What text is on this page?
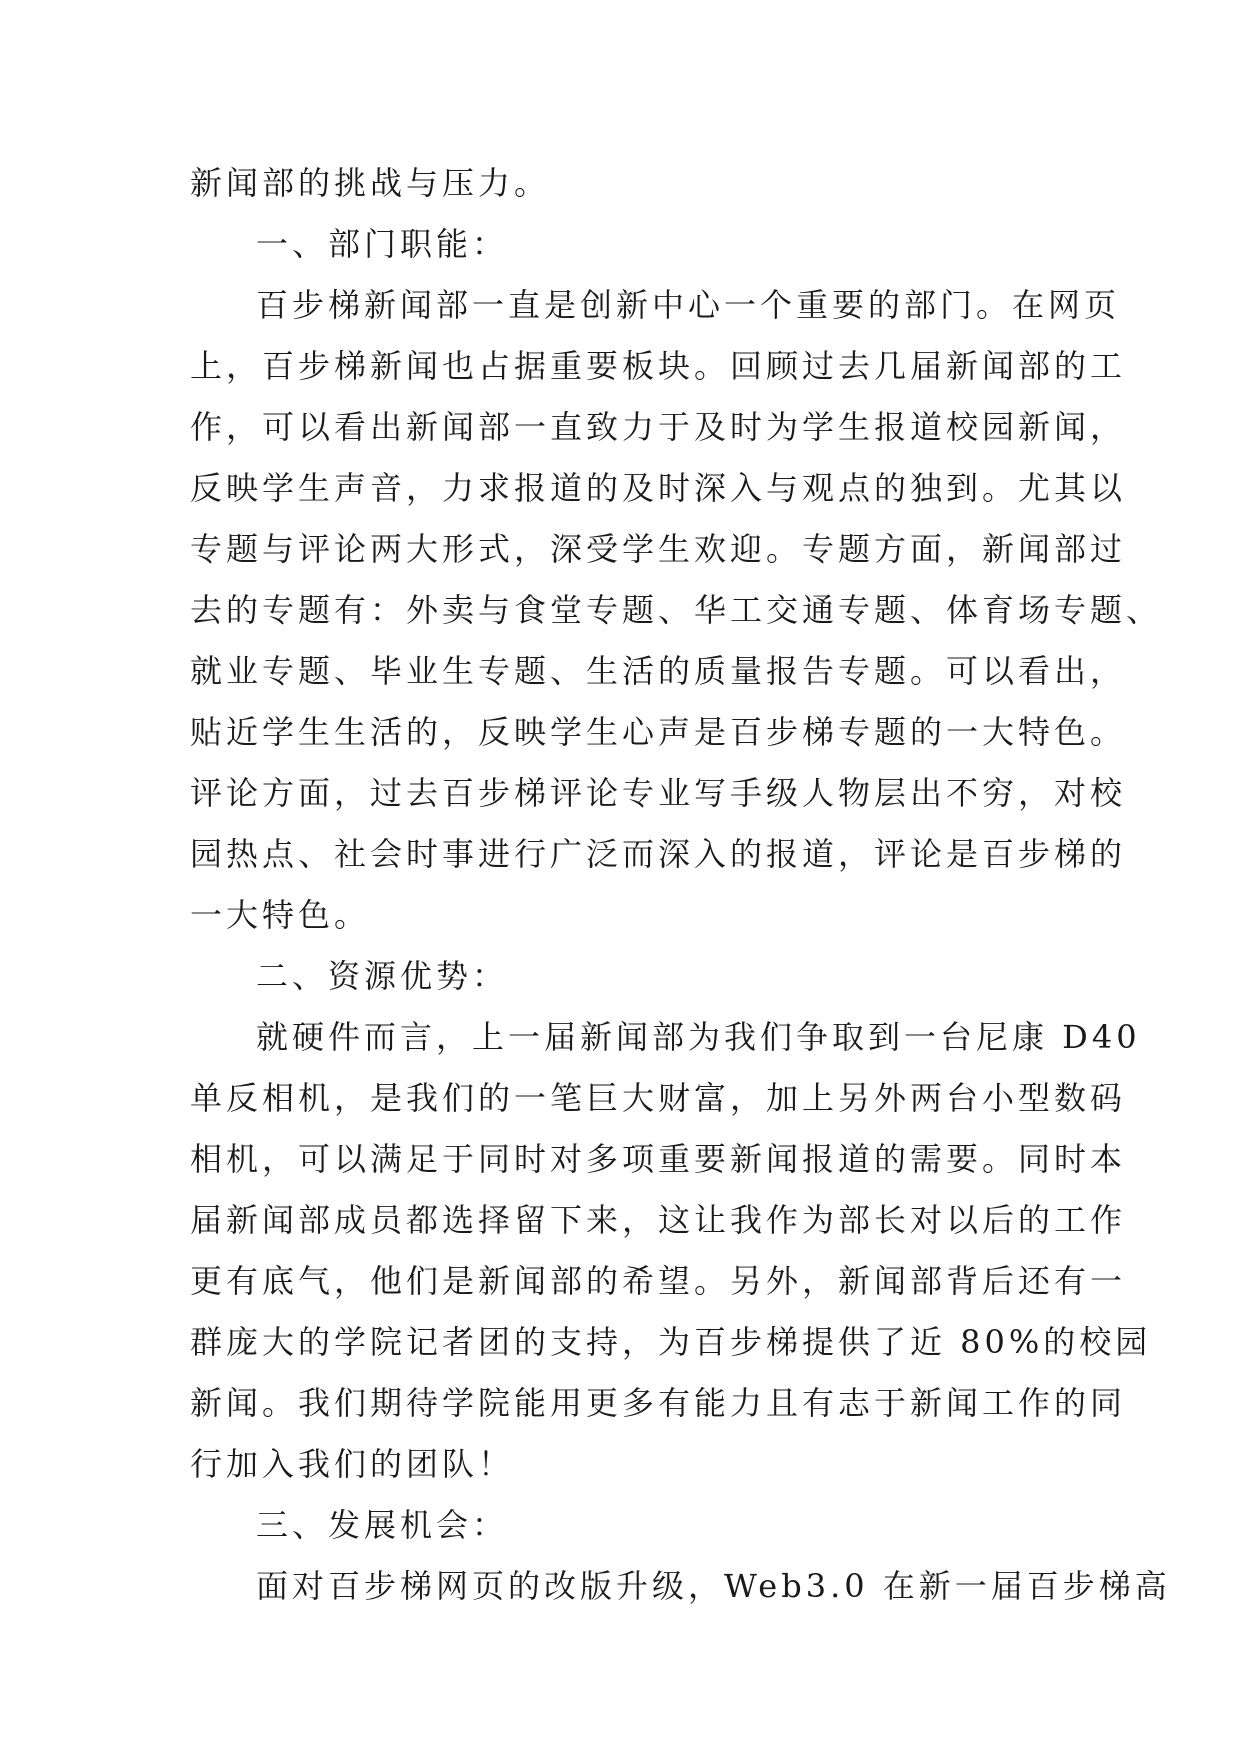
新闻部的挑战与压力。
一、部门职能：
百步梯新闻部一直是创新中心一个重要的部门。在网页
上，百步梯新闻也占据重要板块。回顾过去几届新闻部的工
作，可以看出新闻部一直致力于及时为学生报道校园新闻，
反映学生声音，力求报道的及时深入与观点的独到。尤其以
专题与评论两大形式，深受学生欢迎。专题方面，新闻部过
去的专题有：外卖与食堂专题、华工交通专题、体育场专题、
就业专题、毕业生专题、生活的质量报告专题。可以看出，
贴近学生生活的，反映学生心声是百步梯专题的一大特色。
评论方面，过去百步梯评论专业写手级人物层出不穷，对校
园热点、社会时事进行广泛而深入的报道，评论是百步梯的
一大特色。
二、资源优势：
就硬件而言，上一届新闻部为我们争取到一台尼康 D40
单反相机，是我们的一笔巨大财富，加上另外两台小型数码
相机，可以满足于同时对多项重要新闻报道的需要。同时本
届新闻部成员都选择留下来，这让我作为部长对以后的工作
更有底气，他们是新闻部的希望。另外，新闻部背后还有一
群庞大的学院记者团的支持，为百步梯提供了近 80%的校园
新闻。我们期待学院能用更多有能力且有志于新闻工作的同
行加入我们的团队！
三、发展机会：
面对百步梯网页的改版升级，Web3.0 在新一届百步梯高
